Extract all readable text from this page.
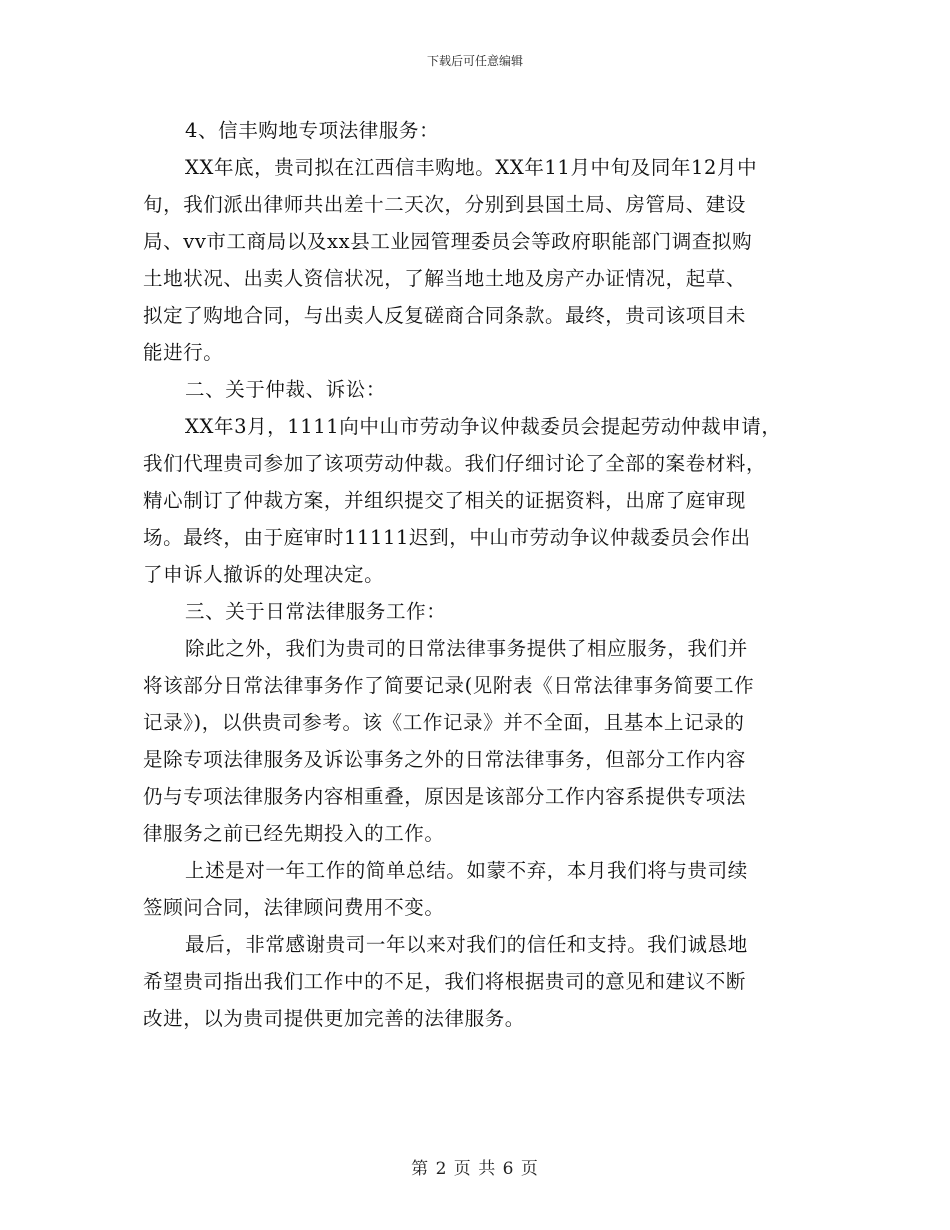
下载后可任意编辑
4、信丰购地专项法律服务：
XX年底，贵司拟在江西信丰购地。XX年11月中旬及同年12月中
旬，我们派出律师共出差十二天次，分别到县国土局、房管局、建设
局、vv市工商局以及xx县工业园管理委员会等政府职能部门调查拟购
土地状况、出卖人资信状况，了解当地土地及房产办证情况，起草、
拟定了购地合同，与出卖人反复磋商合同条款。最终，贵司该项目未
能进行。
二、关于仲裁、诉讼：
XX年3月，1111向中山市劳动争议仲裁委员会提起劳动仲裁申请，
我们代理贵司参加了该项劳动仲裁。我们仔细讨论了全部的案卷材料，
精心制订了仲裁方案，并组织提交了相关的证据资料，出席了庭审现
场。最终，由于庭审时11111迟到，中山市劳动争议仲裁委员会作出
了申诉人撤诉的处理决定。
三、关于日常法律服务工作：
除此之外，我们为贵司的日常法律事务提供了相应服务，我们并
将该部分日常法律事务作了简要记录(见附表《日常法律事务简要工作
记录》)，以供贵司参考。该《工作记录》并不全面，且基本上记录的
是除专项法律服务及诉讼事务之外的日常法律事务，但部分工作内容
仍与专项法律服务内容相重叠，原因是该部分工作内容系提供专项法
律服务之前已经先期投入的工作。
上述是对一年工作的简单总结。如蒙不弃，本月我们将与贵司续
签顾问合同，法律顾问费用不变。
最后，非常感谢贵司一年以来对我们的信任和支持。我们诚恳地
希望贵司指出我们工作中的不足，我们将根据贵司的意见和建议不断
改进，以为贵司提供更加完善的法律服务。
第 2 页 共 6 页
